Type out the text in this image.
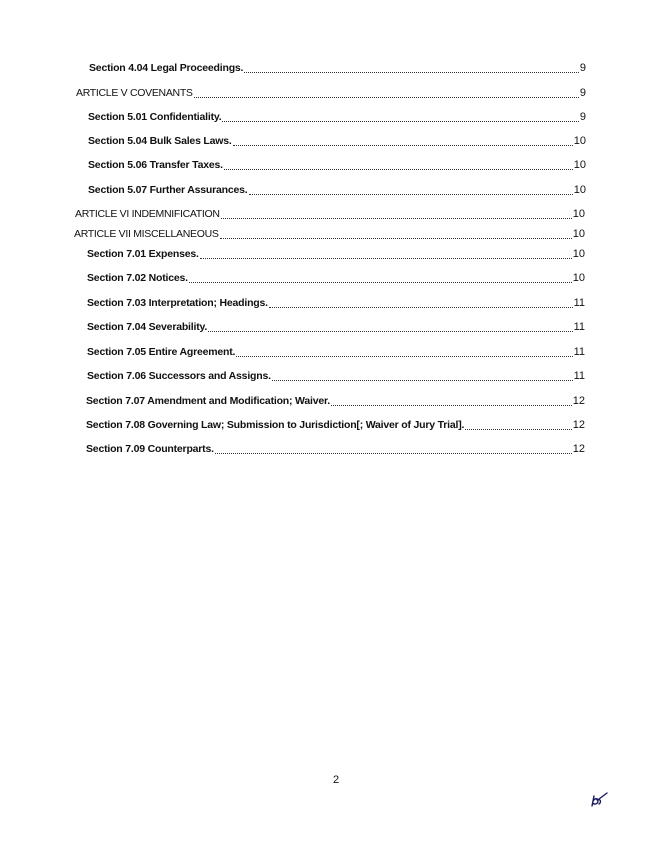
Section 4.04 Legal Proceedings.	9
ARTICLE V COVENANTS	9
Section 5.01 Confidentiality.	9
Section 5.04 Bulk Sales Laws.	10
Section 5.06 Transfer Taxes.	10
Section 5.07 Further Assurances.	10
ARTICLE VI INDEMNIFICATION	10
ARTICLE VII MISCELLANEOUS	10
Section 7.01 Expenses.	10
Section 7.02 Notices.	10
Section 7.03 Interpretation; Headings.	11
Section 7.04 Severability.	11
Section 7.05 Entire Agreement.	11
Section 7.06 Successors and Assigns.	11
Section 7.07 Amendment and Modification; Waiver.	12
Section 7.08 Governing Law; Submission to Jurisdiction[; Waiver of Jury Trial].	12
Section 7.09 Counterparts.	12
2
